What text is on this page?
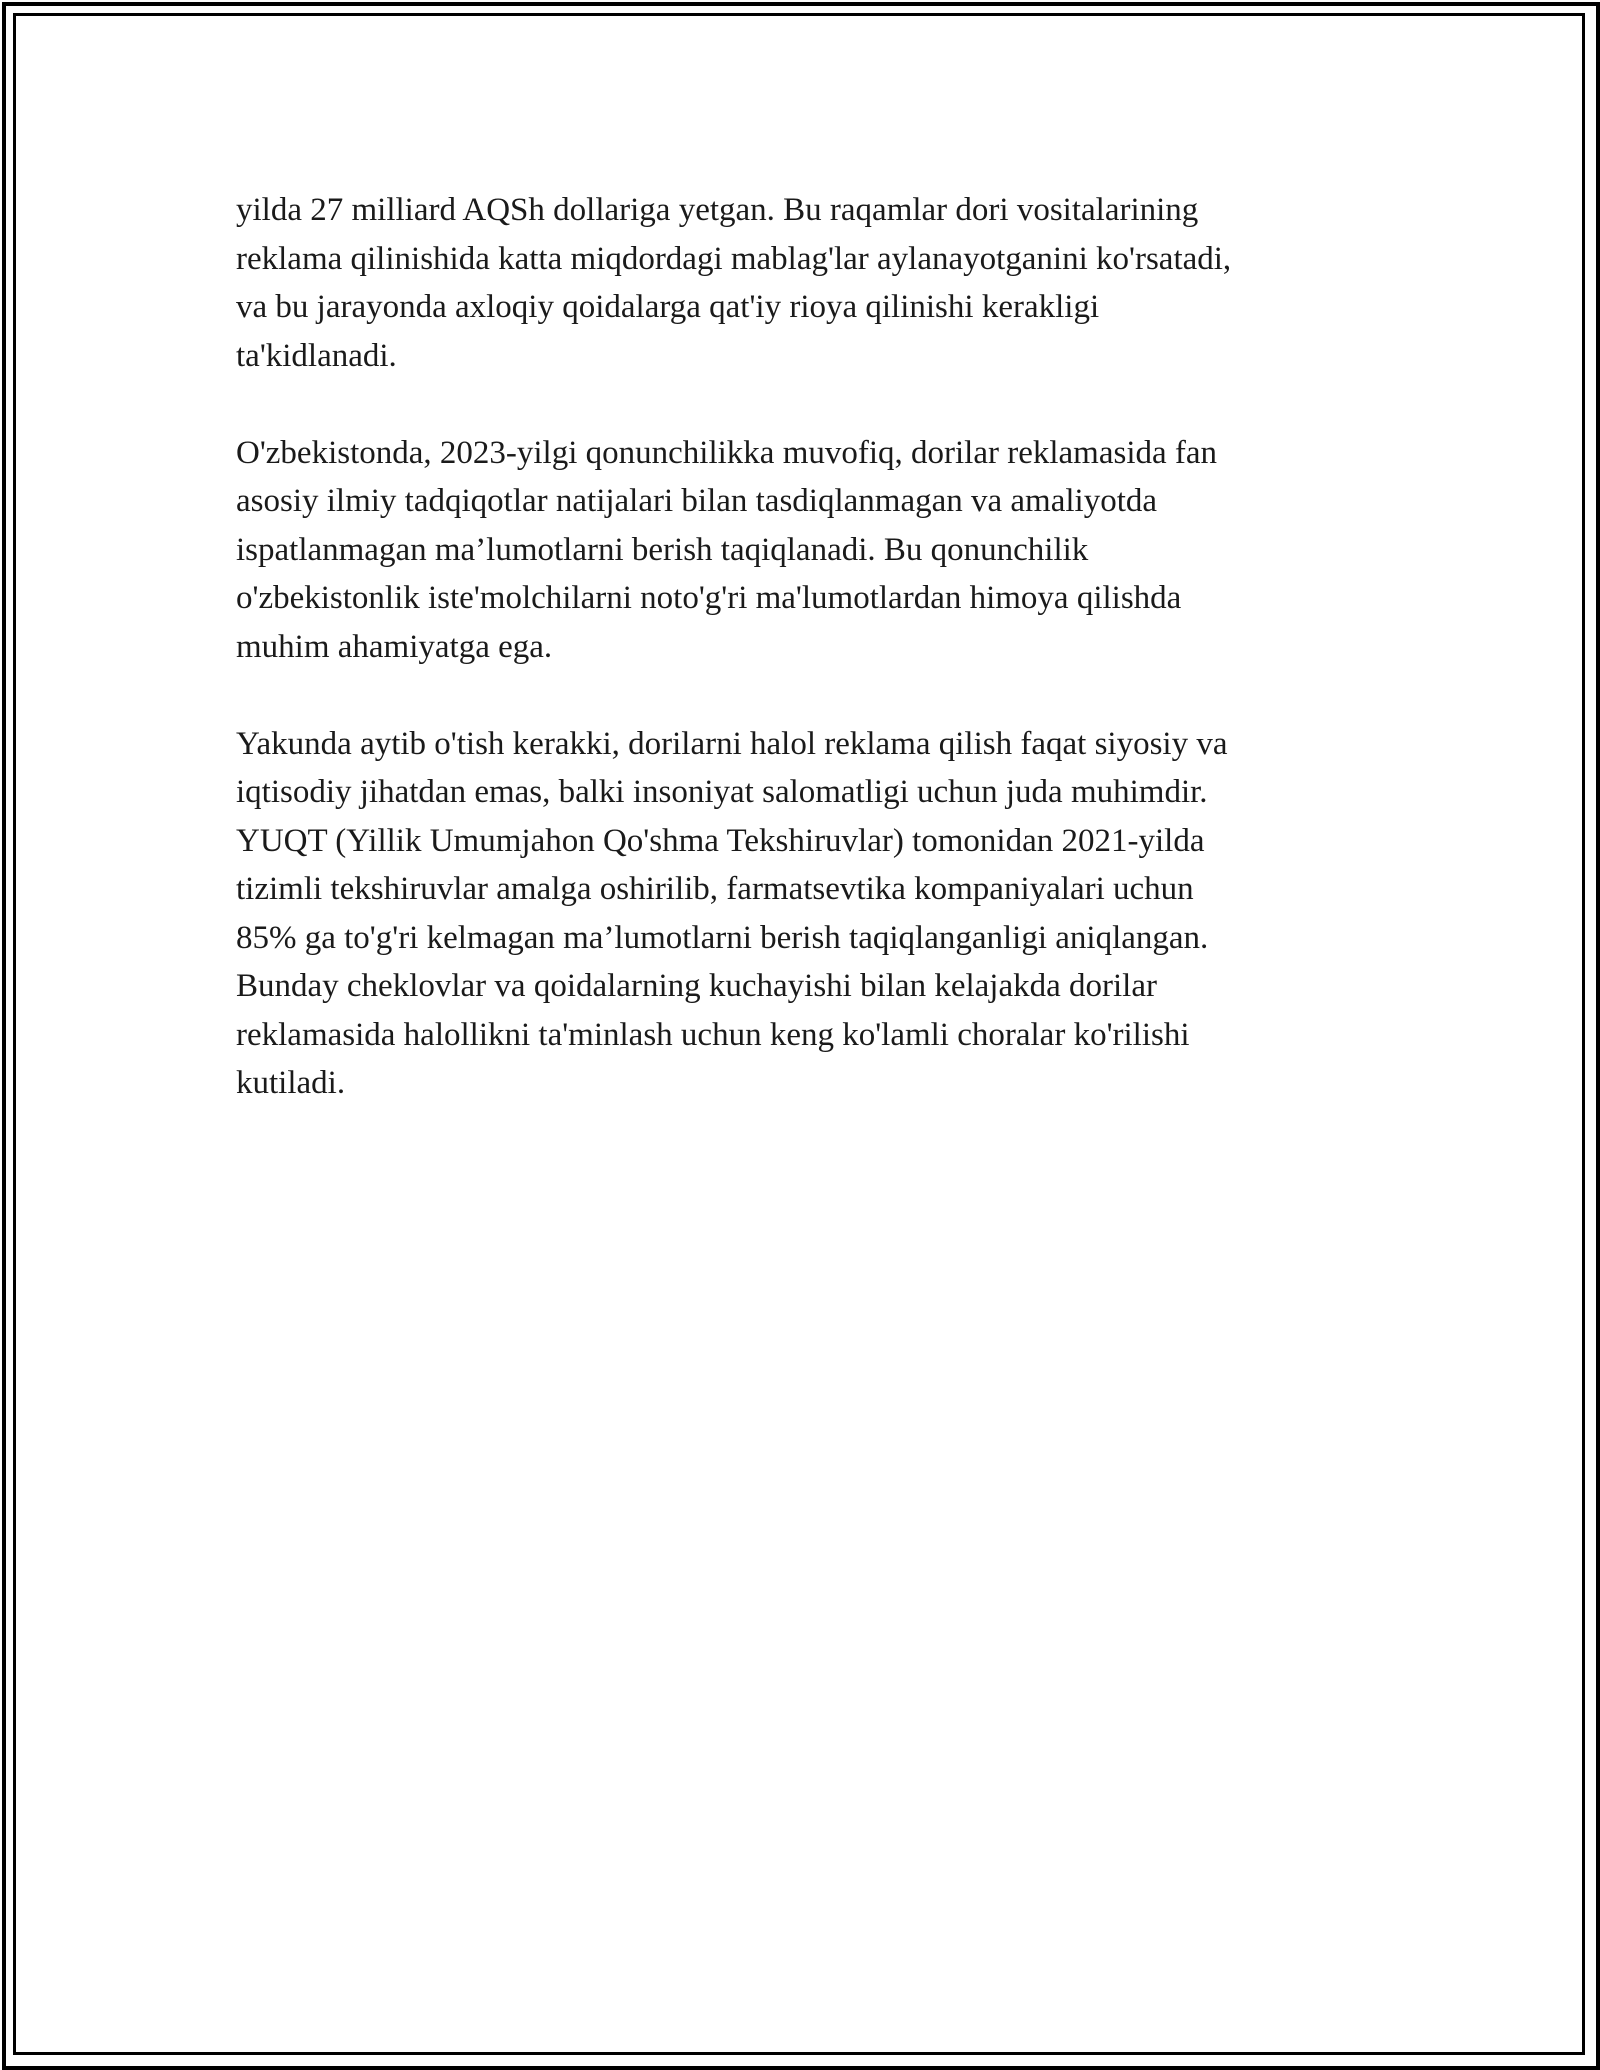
yilda 27 milliard AQSh dollariga yetgan. Bu raqamlar dori vositalarining
reklama qilinishida katta miqdordagi mablag'lar aylanayotganini ko'rsatadi,
va bu jarayonda axloqiy qoidalarga qat'iy rioya qilinishi kerakligi
ta'kidlanadi.
O'zbekistonda, 2023-yilgi qonunchilikka muvofiq, dorilar reklamasida fan
asosiy ilmiy tadqiqotlar natijalari bilan tasdiqlanmagan va amaliyotda
ispatlanmagan ma’lumotlarni berish taqiqlanadi. Bu qonunchilik
o'zbekistonlik iste'molchilarni noto'g'ri ma'lumotlardan himoya qilishda
muhim ahamiyatga ega.
Yakunda aytib o'tish kerakki, dorilarni halol reklama qilish faqat siyosiy va
iqtisodiy jihatdan emas, balki insoniyat salomatligi uchun juda muhimdir.
YUQT (Yillik Umumjahon Qo'shma Tekshiruvlar) tomonidan 2021-yilda
tizimli tekshiruvlar amalga oshirilib, farmatsevtika kompaniyalari uchun
85% ga to'g'ri kelmagan ma’lumotlarni berish taqiqlanganligi aniqlangan.
Bunday cheklovlar va qoidalarning kuchayishi bilan kelajakda dorilar
reklamasida halollikni ta'minlash uchun keng ko'lamli choralar ko'rilishi
kutiladi.
